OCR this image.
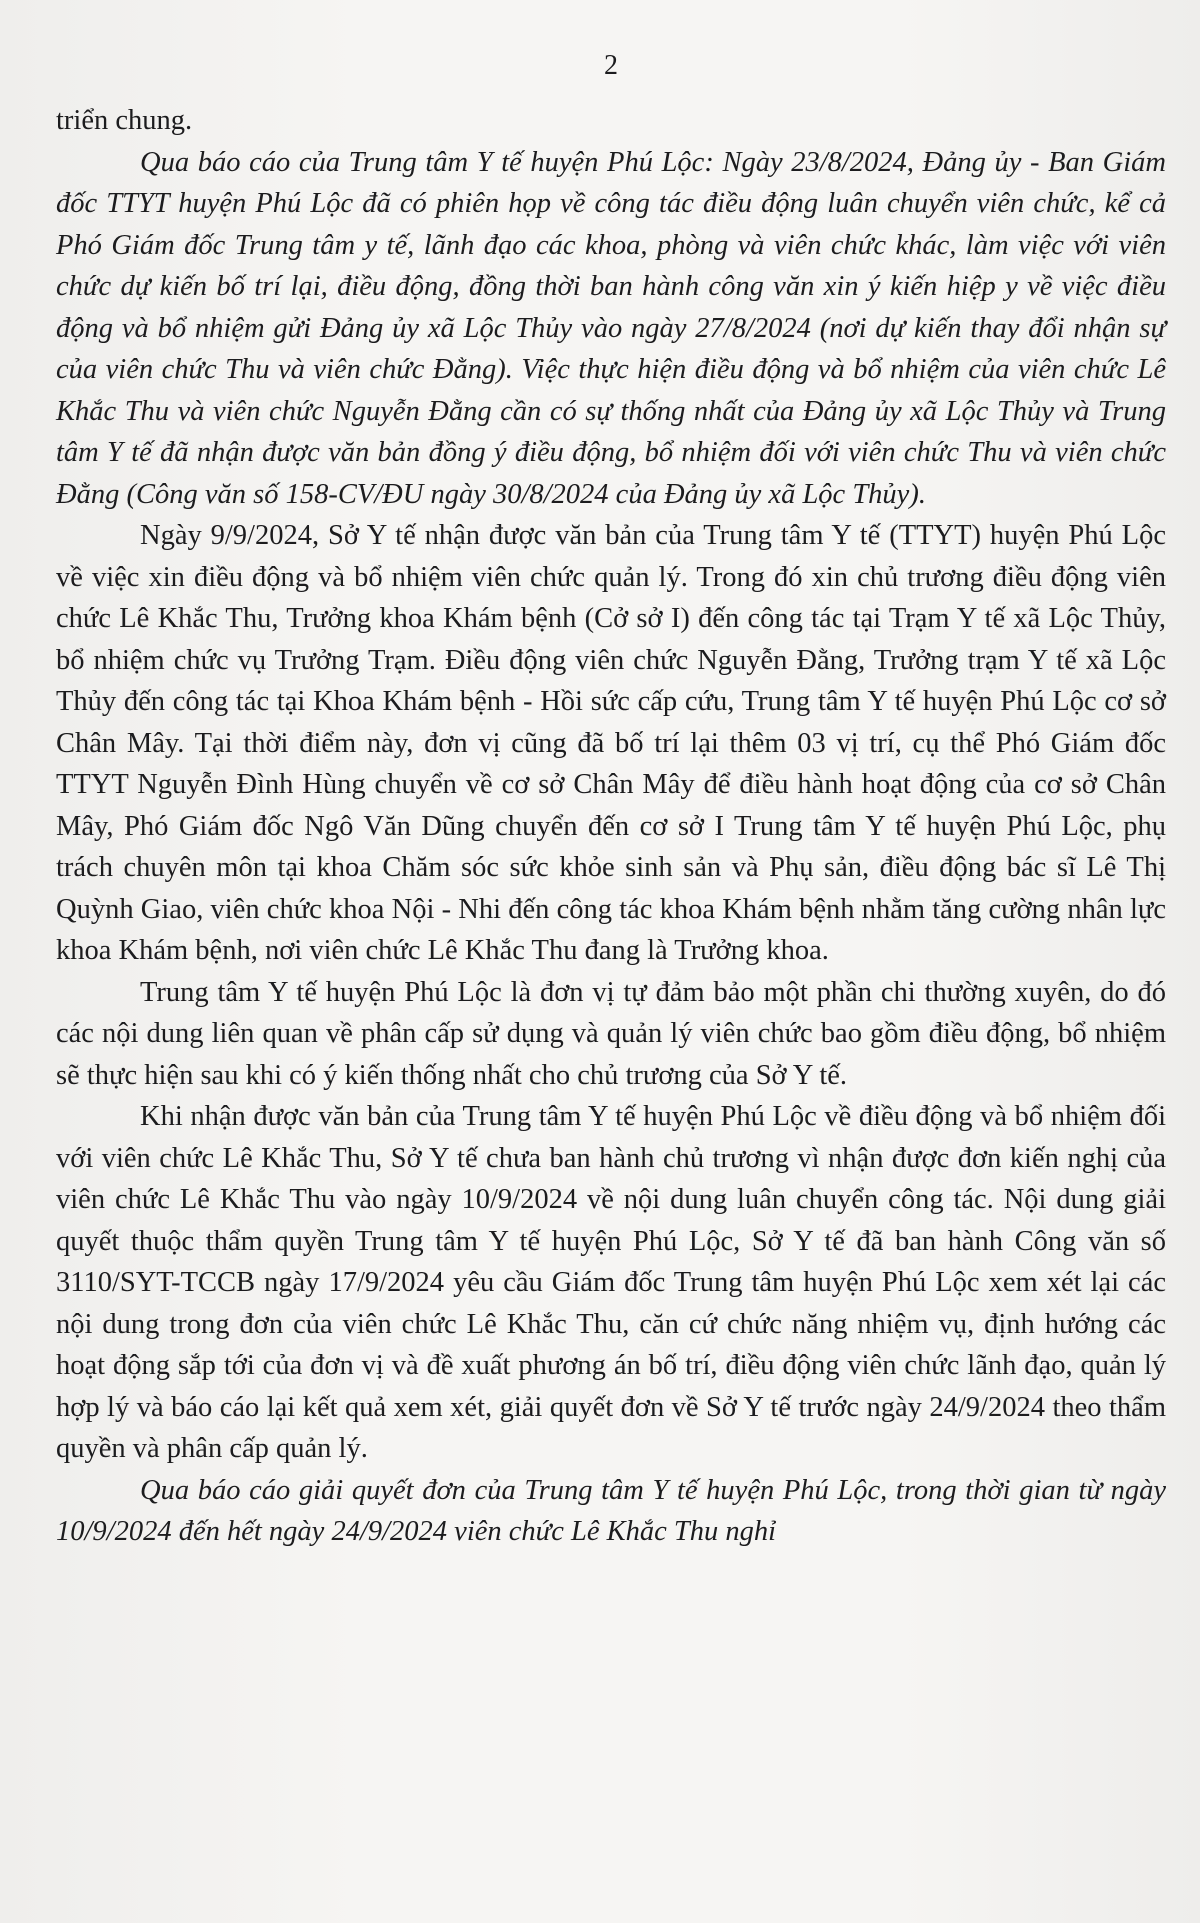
2

triển chung.

Qua báo cáo của Trung tâm Y tế huyện Phú Lộc: Ngày 23/8/2024, Đảng ủy - Ban Giám đốc TTYT huyện Phú Lộc đã có phiên họp về công tác điều động luân chuyển viên chức, kể cả Phó Giám đốc Trung tâm y tế, lãnh đạo các khoa, phòng và viên chức khác, làm việc với viên chức dự kiến bố trí lại, điều động, đồng thời ban hành công văn xin ý kiến hiệp y về việc điều động và bổ nhiệm gửi Đảng ủy xã Lộc Thủy vào ngày 27/8/2024 (nơi dự kiến thay đổi nhận sự của viên chức Thu và viên chức Đằng). Việc thực hiện điều động và bổ nhiệm của viên chức Lê Khắc Thu và viên chức Nguyễn Đằng cần có sự thống nhất của Đảng ủy xã Lộc Thủy và Trung tâm Y tế đã nhận được văn bản đồng ý điều động, bổ nhiệm đối với viên chức Thu và viên chức Đằng (Công văn số 158-CV/ĐU ngày 30/8/2024 của Đảng ủy xã Lộc Thủy).

Ngày 9/9/2024, Sở Y tế nhận được văn bản của Trung tâm Y tế (TTYT) huyện Phú Lộc về việc xin điều động và bổ nhiệm viên chức quản lý. Trong đó xin chủ trương điều động viên chức Lê Khắc Thu, Trưởng khoa Khám bệnh (Cở sở I) đến công tác tại Trạm Y tế xã Lộc Thủy, bổ nhiệm chức vụ Trưởng Trạm. Điều động viên chức Nguyễn Đằng, Trưởng trạm Y tế xã Lộc Thủy đến công tác tại Khoa Khám bệnh - Hồi sức cấp cứu, Trung tâm Y tế huyện Phú Lộc cơ sở Chân Mây. Tại thời điểm này, đơn vị cũng đã bố trí lại thêm 03 vị trí, cụ thể Phó Giám đốc TTYT Nguyễn Đình Hùng chuyển về cơ sở Chân Mây để điều hành hoạt động của cơ sở Chân Mây, Phó Giám đốc Ngô Văn Dũng chuyển đến cơ sở I Trung tâm Y tế huyện Phú Lộc, phụ trách chuyên môn tại khoa Chăm sóc sức khỏe sinh sản và Phụ sản, điều động bác sĩ Lê Thị Quỳnh Giao, viên chức khoa Nội - Nhi đến công tác khoa Khám bệnh nhằm tăng cường nhân lực khoa Khám bệnh, nơi viên chức Lê Khắc Thu đang là Trưởng khoa.

Trung tâm Y tế huyện Phú Lộc là đơn vị tự đảm bảo một phần chi thường xuyên, do đó các nội dung liên quan về phân cấp sử dụng và quản lý viên chức bao gồm điều động, bổ nhiệm sẽ thực hiện sau khi có ý kiến thống nhất cho chủ trương của Sở Y tế.

Khi nhận được văn bản của Trung tâm Y tế huyện Phú Lộc về điều động và bổ nhiệm đối với viên chức Lê Khắc Thu, Sở Y tế chưa ban hành chủ trương vì nhận được đơn kiến nghị của viên chức Lê Khắc Thu vào ngày 10/9/2024 về nội dung luân chuyển công tác. Nội dung giải quyết thuộc thẩm quyền Trung tâm Y tế huyện Phú Lộc, Sở Y tế đã ban hành Công văn số 3110/SYT-TCCB ngày 17/9/2024 yêu cầu Giám đốc Trung tâm huyện Phú Lộc xem xét lại các nội dung trong đơn của viên chức Lê Khắc Thu, căn cứ chức năng nhiệm vụ, định hướng các hoạt động sắp tới của đơn vị và đề xuất phương án bố trí, điều động viên chức lãnh đạo, quản lý hợp lý và báo cáo lại kết quả xem xét, giải quyết đơn về Sở Y tế trước ngày 24/9/2024 theo thẩm quyền và phân cấp quản lý.

Qua báo cáo giải quyết đơn của Trung tâm Y tế huyện Phú Lộc, trong thời gian từ ngày 10/9/2024 đến hết ngày 24/9/2024 viên chức Lê Khắc Thu nghỉ
